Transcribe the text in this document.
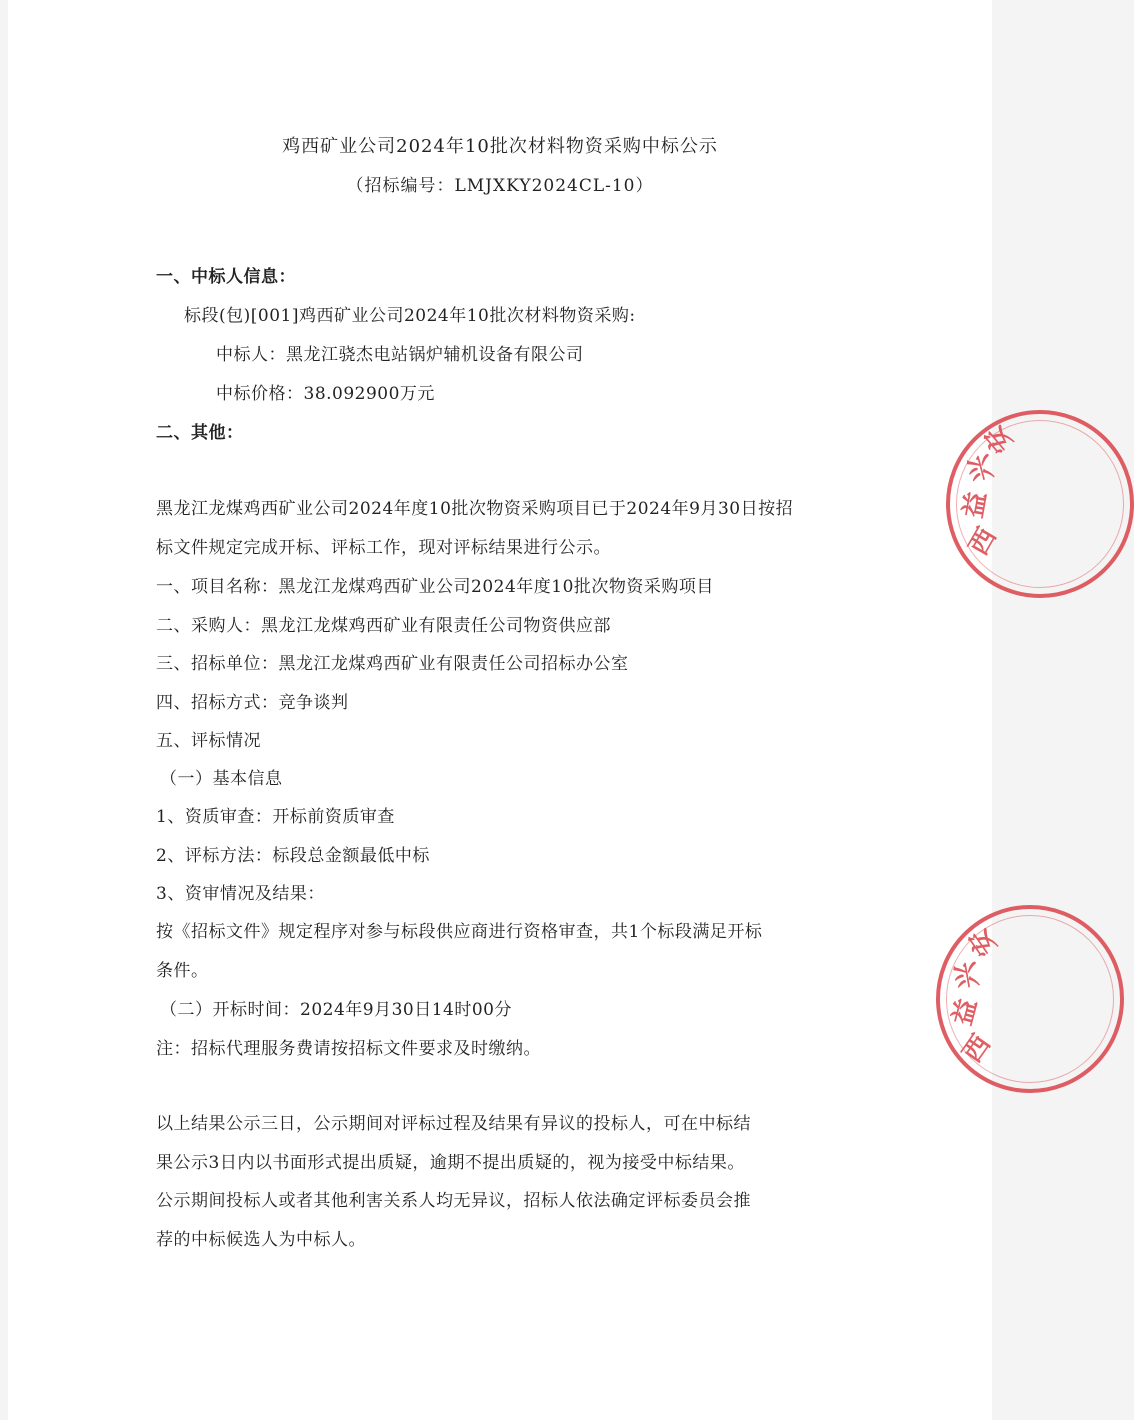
鸡西矿业公司2024年10批次材料物资采购中标公示
（招标编号：LMJXKY2024CL-10）
一、中标人信息：
标段(包)[001]鸡西矿业公司2024年10批次材料物资采购:
中标人：黑龙江骁杰电站锅炉辅机设备有限公司
中标价格：38.092900万元
二、其他：
黑龙江龙煤鸡西矿业公司2024年度10批次物资采购项目已于2024年9月30日按招
标文件规定完成开标、评标工作，现对评标结果进行公示。
一、项目名称：黑龙江龙煤鸡西矿业公司2024年度10批次物资采购项目
二、采购人：黑龙江龙煤鸡西矿业有限责任公司物资供应部
三、招标单位：黑龙江龙煤鸡西矿业有限责任公司招标办公室
四、招标方式：竞争谈判
五、评标情况
（一）基本信息
1、资质审查：开标前资质审查
2、评标方法：标段总金额最低中标
3、资审情况及结果：
按《招标文件》规定程序对参与标段供应商进行资格审查，共1个标段满足开标
条件。
（二）开标时间：2024年9月30日14时00分
注：招标代理服务费请按招标文件要求及时缴纳。
以上结果公示三日，公示期间对评标过程及结果有异议的投标人，可在中标结
果公示3日内以书面形式提出质疑，逾期不提出质疑的，视为接受中标结果。
公示期间投标人或者其他利害关系人均无异议，招标人依法确定评标委员会推
荐的中标候选人为中标人。
西
益
兴
安
西
益
兴
安
